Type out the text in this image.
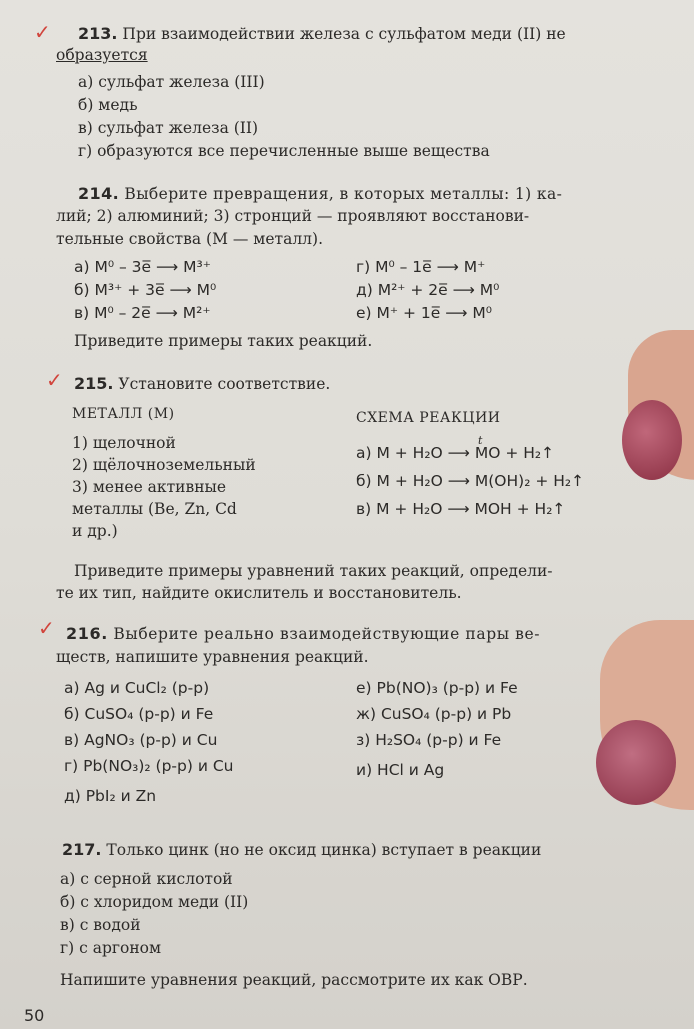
✓ 213. При взаимодействии железа с сульфатом меди (II) не
образуется
а) сульфат железа (III)
б) медь
в) сульфат железа (II)
г) образуются все перечисленные выше вещества
214. Выберите превращения, в которых металлы: 1) ка-
лий; 2) алюминий; 3) стронций — проявляют восстанови-
тельные свойства (M — металл).
а) M⁰ – 3e̅ ⟶ M³⁺
б) M³⁺ + 3e̅ ⟶ M⁰
в) M⁰ – 2e̅ ⟶ M²⁺
г) M⁰ – 1e̅ ⟶ M⁺
д) M²⁺ + 2e̅ ⟶ M⁰
е) M⁺ + 1e̅ ⟶ M⁰
Приведите примеры таких реакций.
✓ 215. Установите соответствие.
МЕТАЛЛ (M)	СХЕМА РЕАКЦИИ
1) щелочной
2) щёлочноземельный
3) менее активные
металлы (Be, Zn, Cd
и др.)
t
а) M + H₂O ⟶ MO + H₂↑
б) M + H₂O ⟶ M(OH)₂ + H₂↑
в) M + H₂O ⟶ MOH + H₂↑
Приведите примеры уравнений таких реакций, определи-
те их тип, найдите окислитель и восстановитель.
✓ 216. Выберите реально взаимодействующие пары ве-
ществ, напишите уравнения реакций.
а) Ag и CuCl₂ (р-р)
б) CuSO₄ (р-р) и Fe
в) AgNO₃ (р-р) и Cu
г) Pb(NO₃)₂ (р-р) и Cu
д) PbI₂ и Zn
е) Pb(NO)₃ (р-р) и Fe
ж) CuSO₄ (р-р) и Pb
з) H₂SO₄ (р-р) и Fe
и) HCl и Ag
217. Только цинк (но не оксид цинка) вступает в реакции
а) с серной кислотой
б) с хлоридом меди (II)
в) с водой
г) с аргоном
Напишите уравнения реакций, рассмотрите их как ОВР.
50
